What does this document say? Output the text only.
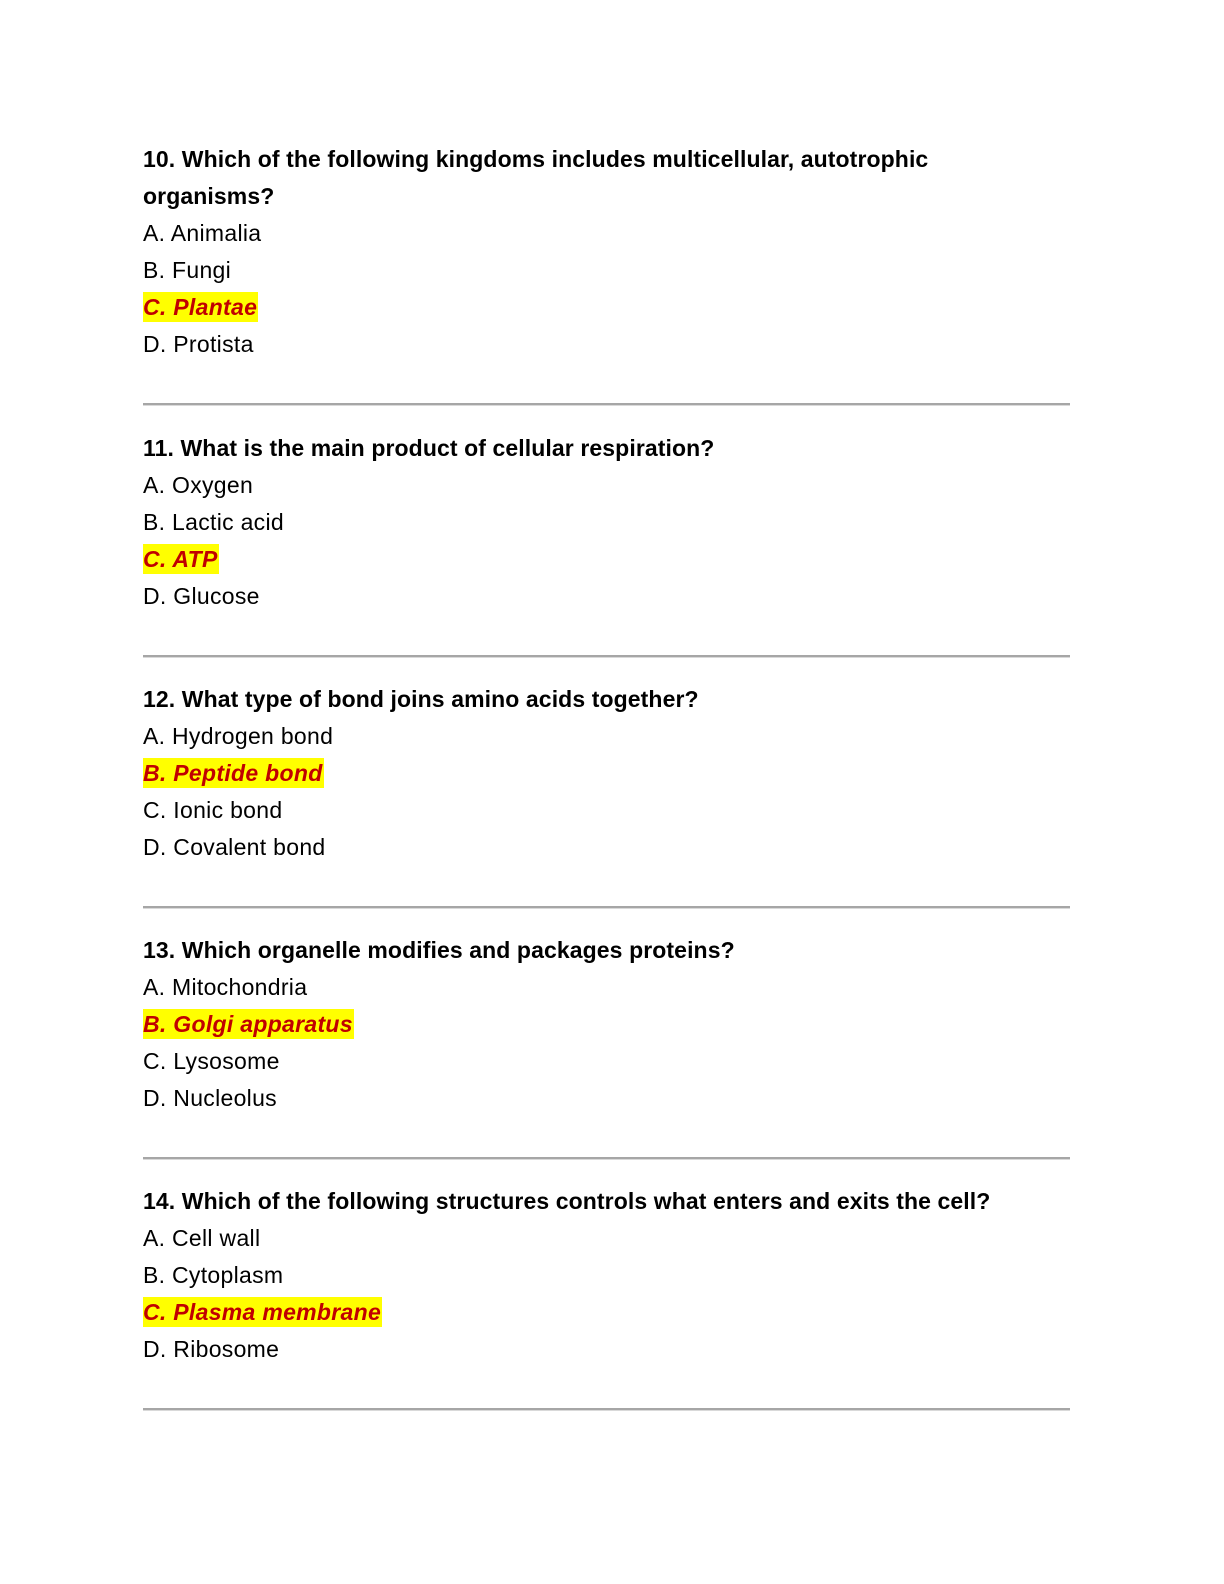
10. Which of the following kingdoms includes multicellular, autotrophic organisms?

A. Animalia
B. Fungi
C. Plantae
D. Protista

11. What is the main product of cellular respiration?

A. Oxygen
B. Lactic acid
C. ATP
D. Glucose

12. What type of bond joins amino acids together?

A. Hydrogen bond
B. Peptide bond
C. Ionic bond
D. Covalent bond

13. Which organelle modifies and packages proteins?

A. Mitochondria
B. Golgi apparatus
C. Lysosome
D. Nucleolus

14. Which of the following structures controls what enters and exits the cell?

A. Cell wall
B. Cytoplasm
C. Plasma membrane
D. Ribosome
